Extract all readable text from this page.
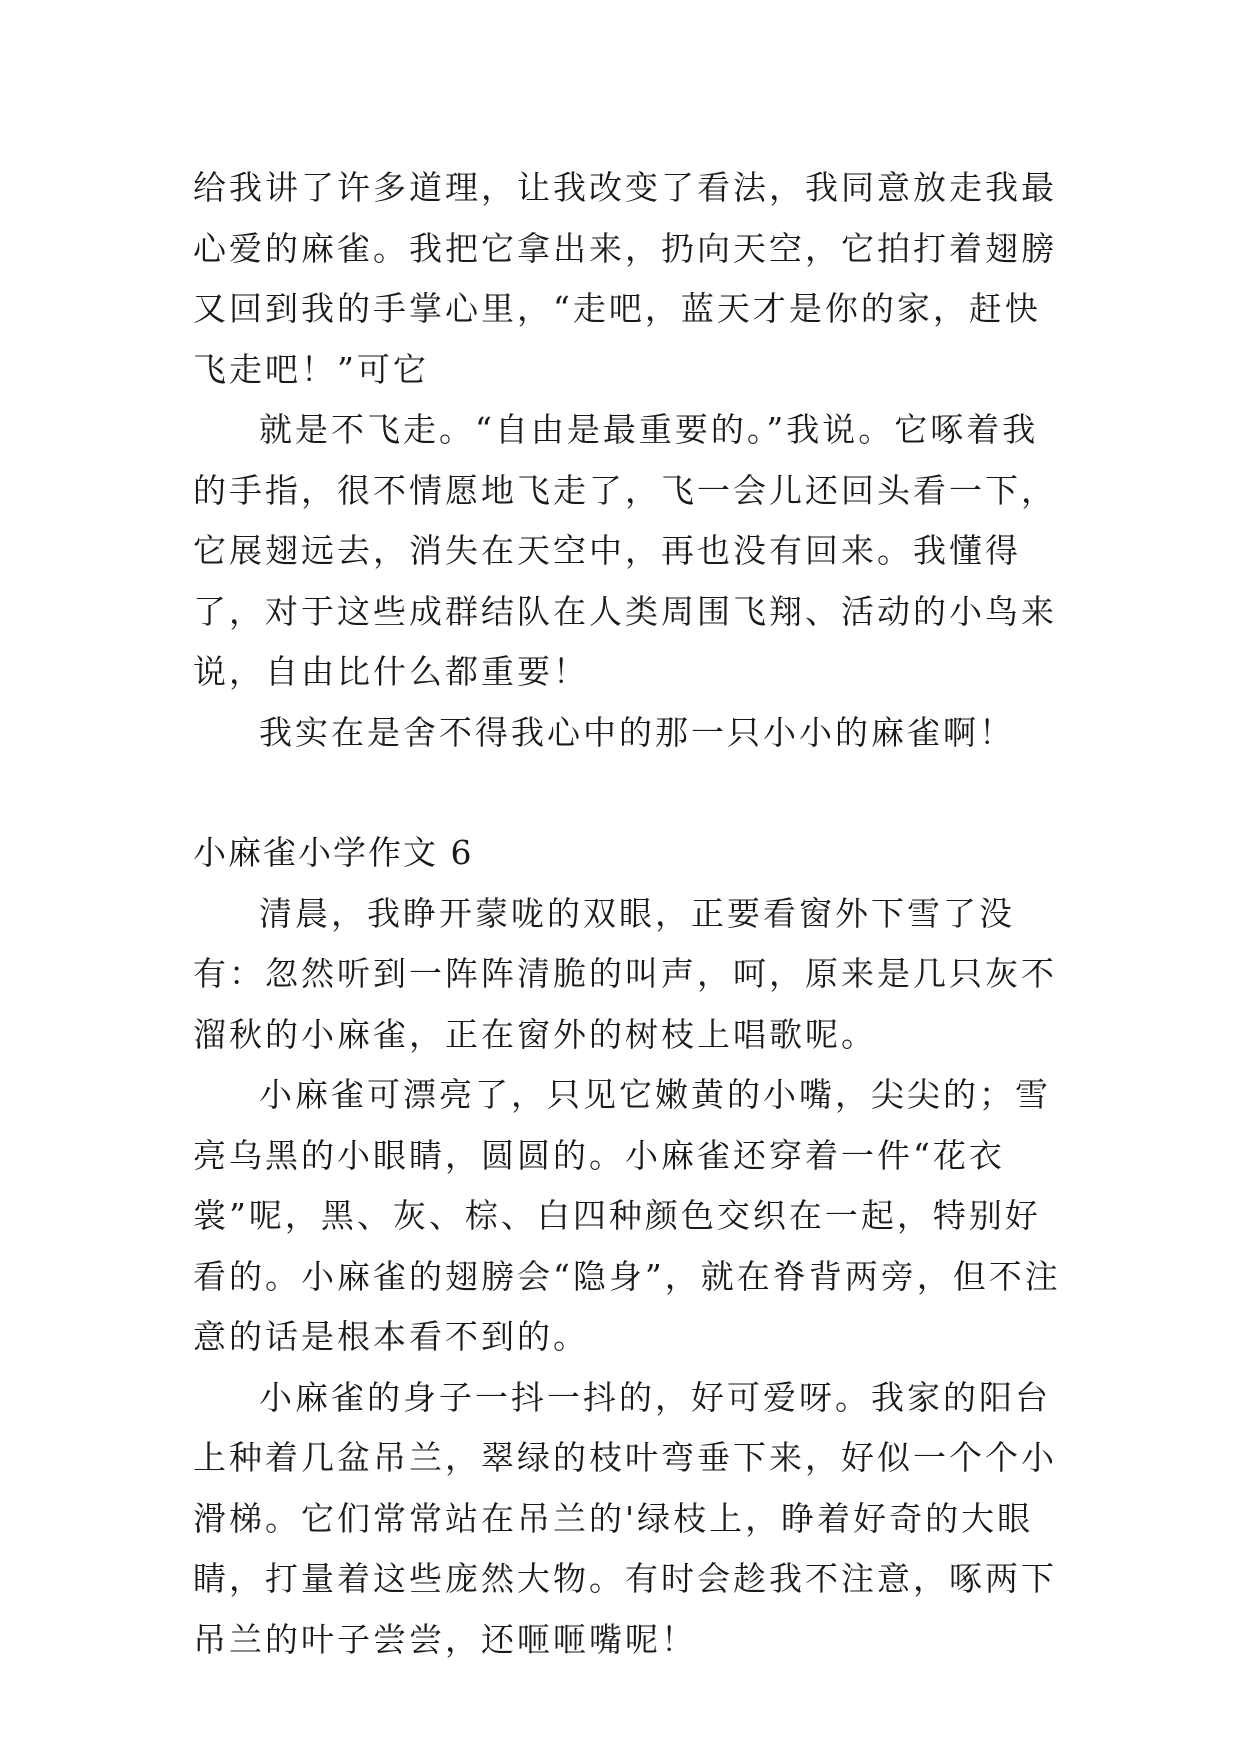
给我讲了许多道理，让我改变了看法，我同意放走我最心爱的麻雀。我把它拿出来，扔向天空，它拍打着翅膀又回到我的手掌心里，“走吧，蓝天才是你的家，赶快飞走吧！”可它

就是不飞走。“自由是最重要的。”我说。它啄着我的手指，很不情愿地飞走了，飞一会儿还回头看一下，它展翅远去，消失在天空中，再也没有回来。我懂得了，对于这些成群结队在人类周围飞翔、活动的小鸟来说，自由比什么都重要！

我实在是舍不得我心中的那一只小小的麻雀啊！

小麻雀小学作文 6

清晨，我睁开蒙咙的双眼，正要看窗外下雪了没有：忽然听到一阵阵清脆的叫声，呵，原来是几只灰不溜秋的小麻雀，正在窗外的树枝上唱歌呢。

小麻雀可漂亮了，只见它嫩黄的小嘴，尖尖的；雪亮乌黑的小眼睛，圆圆的。小麻雀还穿着一件“花衣裳”呢，黑、灰、棕、白四种颜色交织在一起，特别好看的。小麻雀的翅膀会“隐身”，就在脊背两旁，但不注意的话是根本看不到的。

小麻雀的身子一抖一抖的，好可爱呀。我家的阳台上种着几盆吊兰，翠绿的枝叶弯垂下来，好似一个个小滑梯。它们常常站在吊兰的'绿枝上，睁着好奇的大眼睛，打量着这些庞然大物。有时会趁我不注意，啄两下吊兰的叶子尝尝，还咂咂嘴呢！
